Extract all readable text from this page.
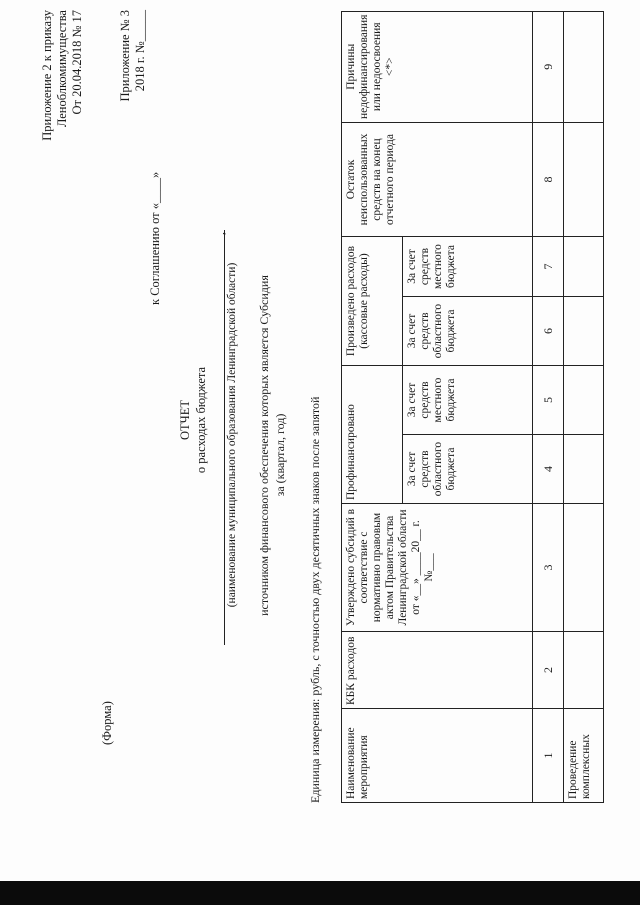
Приложение 2 к приказу Леноблкомимущества От 20.04.2018 № 17	Приложение № 3 2018 г. №_____
(Форма)
к Соглашению от «____»
ОТЧЕТ о расходах бюджета
,
(наименование муниципального образования Ленинградской области) источником финансового обеспечения которых является Субсидия за (квартал, год) Единица измерения: рубль, с точностью двух десятичных знаков после запятой Наименование мероприятия	КБК расходов	Утверждено субсидий в соответствие с нормативно правовым актом Правительства Ленинградской области от «__» ____20__ г. №___	Профинансировано		Произведено расходов (кассовые расходы)		Остаток неиспользованных средств на конец отчетного периода	Причины недофинансирования или недоосвоения <*>
			За счет средств областного бюджета	За счет средств местного бюджета	За счет средств областного бюджета	За счет средств местного бюджета		
1	2	3	4	5	6	7	8	9
Проведение комплексных								
